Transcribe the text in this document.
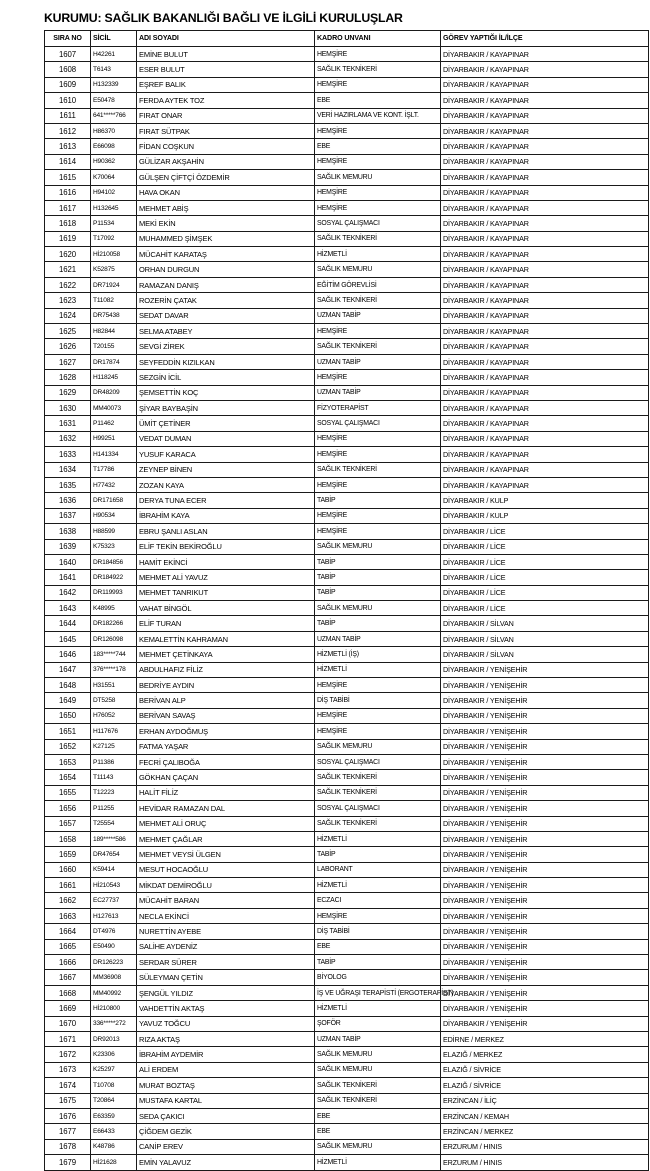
KURUMU: SAĞLIK BAKANLIĞI BAĞLI VE İLGİLİ KURULUŞLAR
SIRA NO	SİCİL	ADI SOYADI	KADRO UNVANI	GÖREV YAPTIĞI İL/İLÇE
1607	H42261	EMİNE BULUT	HEMŞİRE	DİYARBAKIR / KAYAPINAR
1608	T6143	ESER BULUT	SAĞLIK TEKNİKERİ	DİYARBAKIR / KAYAPINAR
1609	H132339	EŞREF BALIK	HEMŞİRE	DİYARBAKIR / KAYAPINAR
1610	E50478	FERDA AYTEK TOZ	EBE	DİYARBAKIR / KAYAPINAR
1611	641*****766	FIRAT ONAR	VERİ HAZIRLAMA VE KONT. İŞLT.	DİYARBAKIR / KAYAPINAR
1612	H86370	FIRAT SÜTPAK	HEMŞİRE	DİYARBAKIR / KAYAPINAR
1613	E66098	FİDAN COŞKUN	EBE	DİYARBAKIR / KAYAPINAR
1614	H90362	GÜLİZAR AKŞAHİN	HEMŞİRE	DİYARBAKIR / KAYAPINAR
1615	K70064	GÜLŞEN ÇİFTÇİ ÖZDEMİR	SAĞLIK MEMURU	DİYARBAKIR / KAYAPINAR
1616	H94102	HAVA OKAN	HEMŞİRE	DİYARBAKIR / KAYAPINAR
1617	H132645	MEHMET ABİŞ	HEMŞİRE	DİYARBAKIR / KAYAPINAR
1618	P11534	MEKİ EKİN	SOSYAL ÇALIŞMACI	DİYARBAKIR / KAYAPINAR
1619	T17092	MUHAMMED ŞİMŞEK	SAĞLIK TEKNİKERİ	DİYARBAKIR / KAYAPINAR
1620	Hİ210058	MÜCAHİT KARATAŞ	HİZMETLİ	DİYARBAKIR / KAYAPINAR
1621	K52875	ORHAN DURGUN	SAĞLIK MEMURU	DİYARBAKIR / KAYAPINAR
1622	DR71924	RAMAZAN DANIŞ	EĞİTİM GÖREVLİSİ	DİYARBAKIR / KAYAPINAR
1623	T11082	ROZERİN ÇATAK	SAĞLIK TEKNİKERİ	DİYARBAKIR / KAYAPINAR
1624	DR75438	SEDAT DAVAR	UZMAN TABİP	DİYARBAKIR / KAYAPINAR
1625	H82844	SELMA ATABEY	HEMŞİRE	DİYARBAKIR / KAYAPINAR
1626	T20155	SEVGİ ZİREK	SAĞLIK TEKNİKERİ	DİYARBAKIR / KAYAPINAR
1627	DR17874	SEYFEDDİN KIZILKAN	UZMAN TABİP	DİYARBAKIR / KAYAPINAR
1628	H118245	SEZGİN İCİL	HEMŞİRE	DİYARBAKIR / KAYAPINAR
1629	DR48209	ŞEMSETTİN KOÇ	UZMAN TABİP	DİYARBAKIR / KAYAPINAR
1630	MM40073	ŞİYAR BAYBAŞİN	FİZYOTERAPİST	DİYARBAKIR / KAYAPINAR
1631	P11462	ÜMİT ÇETİNER	SOSYAL ÇALIŞMACI	DİYARBAKIR / KAYAPINAR
1632	H99251	VEDAT DUMAN	HEMŞİRE	DİYARBAKIR / KAYAPINAR
1633	H141334	YUSUF KARACA	HEMŞİRE	DİYARBAKIR / KAYAPINAR
1634	T17786	ZEYNEP BİNEN	SAĞLIK TEKNİKERİ	DİYARBAKIR / KAYAPINAR
1635	H77432	ZOZAN KAYA	HEMŞİRE	DİYARBAKIR / KAYAPINAR
1636	DR171658	DERYA TUNA ECER	TABİP	DİYARBAKIR / KULP
1637	H90534	İBRAHİM KAYA	HEMŞİRE	DİYARBAKIR / KULP
1638	H88599	EBRU ŞANLI ASLAN	HEMŞİRE	DİYARBAKIR / LİCE
1639	K75323	ELİF TEKİN BEKİROĞLU	SAĞLIK MEMURU	DİYARBAKIR / LİCE
1640	DR184856	HAMİT EKİNCİ	TABİP	DİYARBAKIR / LİCE
1641	DR184922	MEHMET ALİ YAVUZ	TABİP	DİYARBAKIR / LİCE
1642	DR119993	MEHMET TANRIKUT	TABİP	DİYARBAKIR / LİCE
1643	K48995	VAHAT BİNGÖL	SAĞLIK MEMURU	DİYARBAKIR / LİCE
1644	DR182266	ELİF TURAN	TABİP	DİYARBAKIR / SİLVAN
1645	DR126098	KEMALETTİN KAHRAMAN	UZMAN TABİP	DİYARBAKIR / SİLVAN
1646	183*****744	MEHMET ÇETİNKAYA	HİZMETLİ (İŞ)	DİYARBAKIR / SİLVAN
1647	376*****178	ABDULHAFIZ FİLİZ	HİZMETLİ	DİYARBAKIR / YENİŞEHİR
1648	H31551	BEDRİYE AYDIN	HEMŞİRE	DİYARBAKIR / YENİŞEHİR
1649	DT5258	BERİVAN ALP	DİŞ TABİBİ	DİYARBAKIR / YENİŞEHİR
1650	H76052	BERİVAN SAVAŞ	HEMŞİRE	DİYARBAKIR / YENİŞEHİR
1651	H117676	ERHAN AYDOĞMUŞ	HEMŞİRE	DİYARBAKIR / YENİŞEHİR
1652	K27125	FATMA YAŞAR	SAĞLIK MEMURU	DİYARBAKIR / YENİŞEHİR
1653	P11386	FECRİ ÇALIBOĞA	SOSYAL ÇALIŞMACI	DİYARBAKIR / YENİŞEHİR
1654	T11143	GÖKHAN ÇAÇAN	SAĞLIK TEKNİKERİ	DİYARBAKIR / YENİŞEHİR
1655	T12223	HALİT FİLİZ	SAĞLIK TEKNİKERİ	DİYARBAKIR / YENİŞEHİR
1656	P11255	HEVİDAR RAMAZAN DAL	SOSYAL ÇALIŞMACI	DİYARBAKIR / YENİŞEHİR
1657	T25554	MEHMET ALİ ORUÇ	SAĞLIK TEKNİKERİ	DİYARBAKIR / YENİŞEHİR
1658	189*****586	MEHMET ÇAĞLAR	HİZMETLİ	DİYARBAKIR / YENİŞEHİR
1659	DR47654	MEHMET VEYSİ ÜLGEN	TABİP	DİYARBAKIR / YENİŞEHİR
1660	K59414	MESUT HOCAOĞLU	LABORANT	DİYARBAKIR / YENİŞEHİR
1661	Hİ210543	MİKDAT DEMİROĞLU	HİZMETLİ	DİYARBAKIR / YENİŞEHİR
1662	EC27737	MÜCAHİT BARAN	ECZACI	DİYARBAKIR / YENİŞEHİR
1663	H127613	NECLA EKİNCİ	HEMŞİRE	DİYARBAKIR / YENİŞEHİR
1664	DT4976	NURETTİN AYEBE	DİŞ TABİBİ	DİYARBAKIR / YENİŞEHİR
1665	E50490	SALİHE AYDENİZ	EBE	DİYARBAKIR / YENİŞEHİR
1666	DR126223	SERDAR SÜRER	TABİP	DİYARBAKIR / YENİŞEHİR
1667	MM36908	SÜLEYMAN ÇETİN	BİYOLOG	DİYARBAKIR / YENİŞEHİR
1668	MM40992	ŞENGÜL YILDIZ	İŞ VE UĞRAŞI TERAPİSTİ (ERGOTERAPİST)	DİYARBAKIR / YENİŞEHİR
1669	Hİ210800	VAHDETTİN AKTAŞ	HİZMETLİ	DİYARBAKIR / YENİŞEHİR
1670	336*****272	YAVUZ TOĞCU	ŞOFÖR	DİYARBAKIR / YENİŞEHİR
1671	DR92013	RIZA AKTAŞ	UZMAN TABİP	EDİRNE / MERKEZ
1672	K23306	İBRAHİM AYDEMİR	SAĞLIK MEMURU	ELAZIĞ / MERKEZ
1673	K25297	ALİ ERDEM	SAĞLIK MEMURU	ELAZIĞ / SİVRİCE
1674	T10708	MURAT BOZTAŞ	SAĞLIK TEKNİKERİ	ELAZIĞ / SİVRİCE
1675	T20864	MUSTAFA KARTAL	SAĞLIK TEKNİKERİ	ERZİNCAN / İLİÇ
1676	E63359	SEDA ÇAKICI	EBE	ERZİNCAN / KEMAH
1677	E66433	ÇİĞDEM GEZİK	EBE	ERZİNCAN / MERKEZ
1678	K48786	CANİP EREV	SAĞLIK MEMURU	ERZURUM / HINIS
1679	Hİ21628	EMİN YALAVUZ	HİZMETLİ	ERZURUM / HINIS
